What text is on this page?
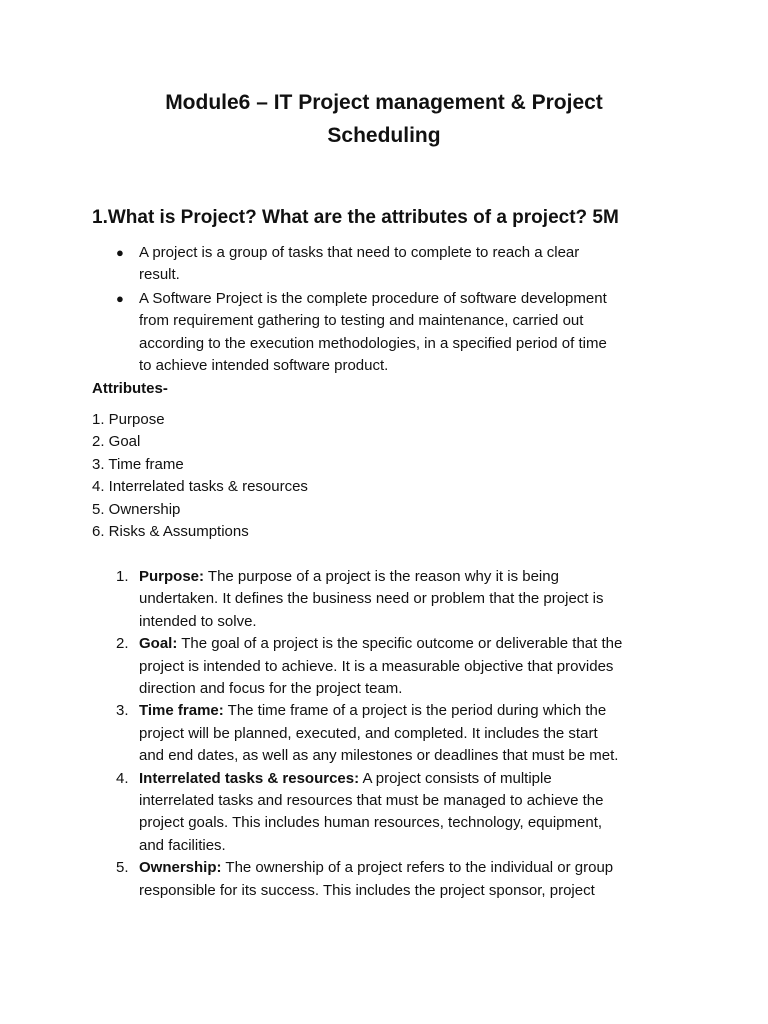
Module6 – IT Project management & Project
Scheduling
1.What is Project? What are the attributes of a project? 5M
● A project is a group of tasks that need to complete to reach a clear
result.
● A Software Project is the complete procedure of software development
from requirement gathering to testing and maintenance, carried out
according to the execution methodologies, in a specified period of time
to achieve intended software product.
Attributes-
1. Purpose
2. Goal
3. Time frame
4. Interrelated tasks & resources
5. Ownership
6. Risks & Assumptions
1. Purpose: The purpose of a project is the reason why it is being
undertaken. It defines the business need or problem that the project is
intended to solve.
2. Goal: The goal of a project is the specific outcome or deliverable that the
project is intended to achieve. It is a measurable objective that provides
direction and focus for the project team.
3. Time frame: The time frame of a project is the period during which the
project will be planned, executed, and completed. It includes the start
and end dates, as well as any milestones or deadlines that must be met.
4. Interrelated tasks & resources: A project consists of multiple
interrelated tasks and resources that must be managed to achieve the
project goals. This includes human resources, technology, equipment,
and facilities.
5. Ownership: The ownership of a project refers to the individual or group
responsible for its success. This includes the project sponsor, project
